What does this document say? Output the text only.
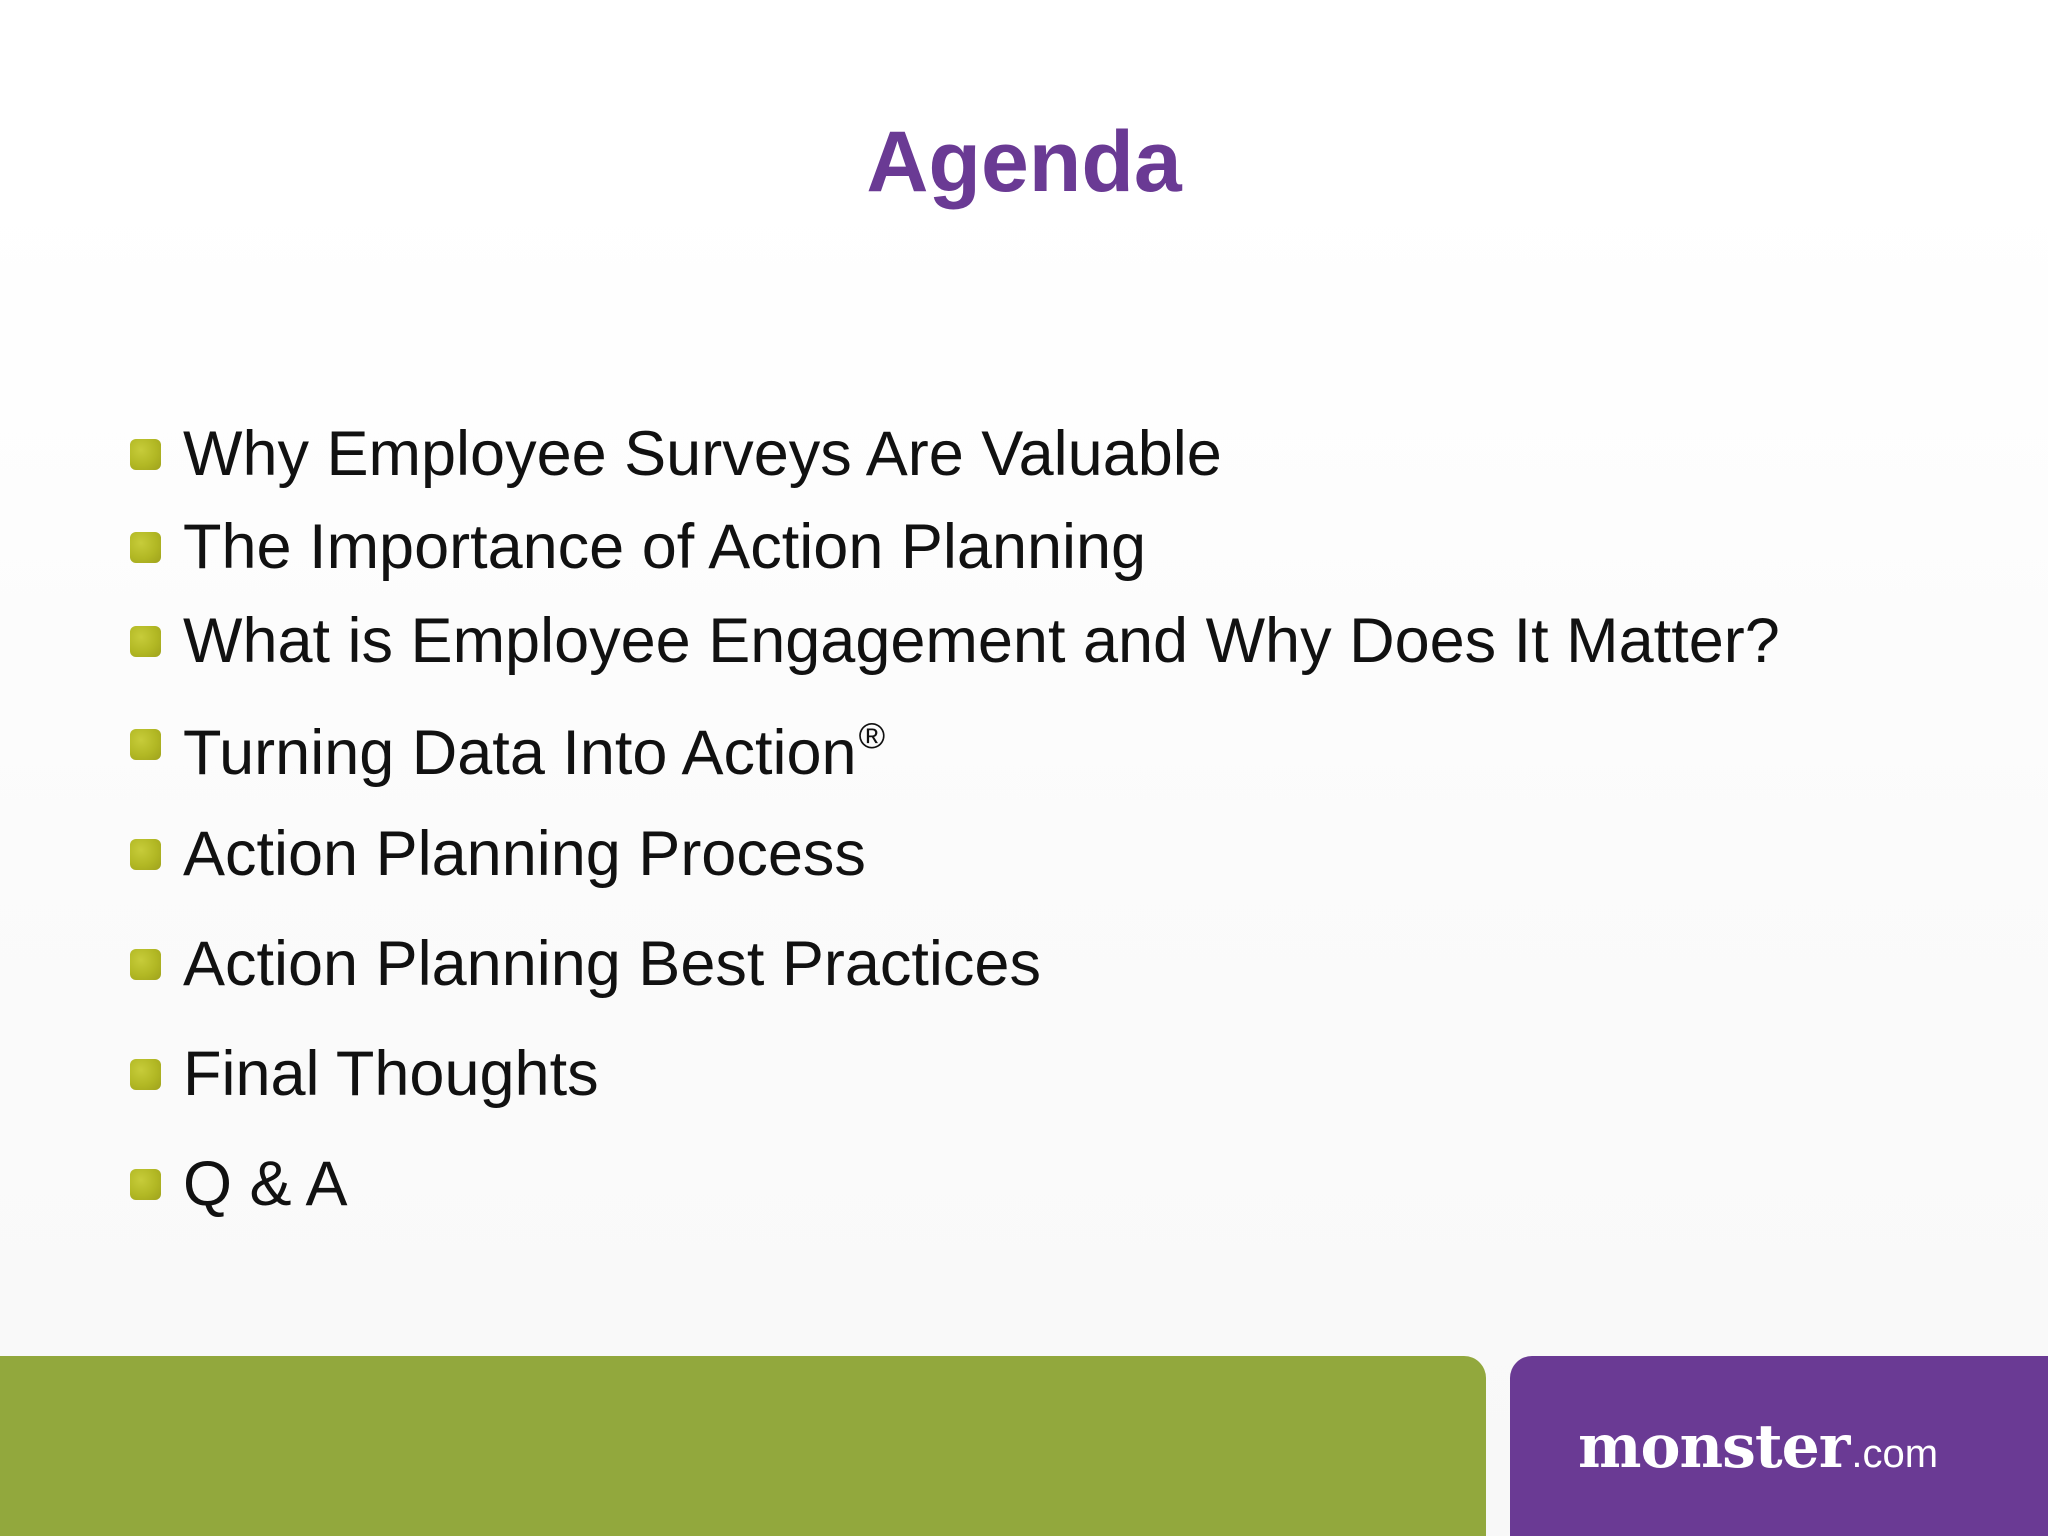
Agenda
Why Employee Surveys Are Valuable
The Importance of Action Planning
What is Employee Engagement and Why Does It Matter?
Turning Data Into Action®
Action Planning Process
Action Planning Best Practices
Final Thoughts
Q & A
monster .com
